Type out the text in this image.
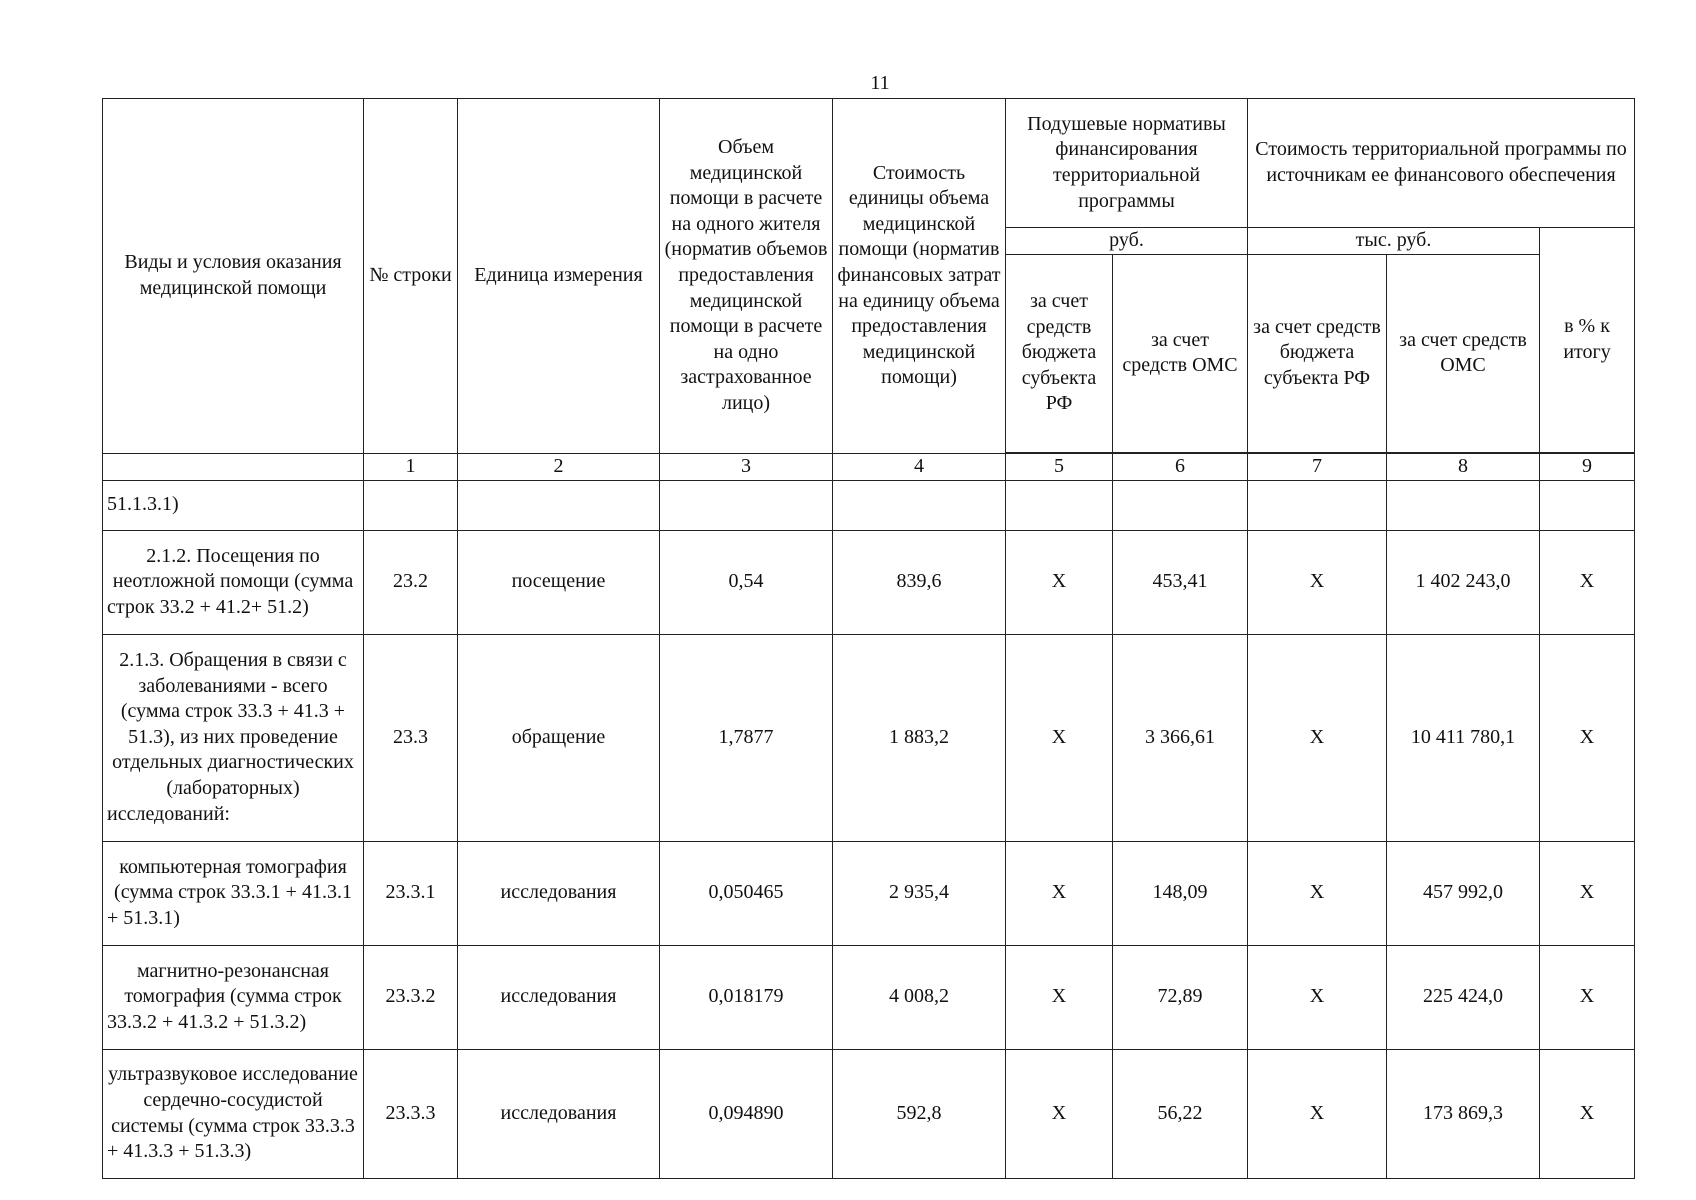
11
Виды и условия оказания медицинской помощи	№ строки	Единица измерения	Объем медицинской помощи в расчете на одного жителя (норматив объемов предоставления медицинской помощи в расчете на одно застрахованное лицо)	Стоимость единицы объема медицинской помощи (норматив финансовых затрат на единицу объема предоставления медицинской помощи)	Подушевые нормативы финансирования территориальной программы		Стоимость территориальной программы по источникам ее финансового обеспечения		
					руб.		тыс. руб.		в % к итогу
					за счет средств бюджета субъекта РФ	за счет средств ОМС	за счет средств бюджета субъекта РФ	за счет средств ОМС	

	1	2	3	4	5	6	7	8	9
51.1.3.1)									
2.1.2. Посещения по неотложной помощи (сумма строк 33.2 + 41.2+ 51.2)	23.2	посещение	0,54	839,6	X	453,41	X	1 402 243,0	X
2.1.3. Обращения в связи с заболеваниями - всего (сумма строк 33.3 + 41.3 + 51.3), из них проведение отдельных диагностических (лабораторных) исследований:	23.3	обращение	1,7877	1 883,2	X	3 366,61	X	10 411 780,1	X
компьютерная томография (сумма строк 33.3.1 + 41.3.1 + 51.3.1)	23.3.1	исследования	0,050465	2 935,4	X	148,09	X	457 992,0	X
магнитно-резонансная томография (сумма строк 33.3.2 + 41.3.2 + 51.3.2)	23.3.2	исследования	0,018179	4 008,2	X	72,89	X	225 424,0	X
ультразвуковое исследование сердечно-сосудистой системы (сумма строк 33.3.3 + 41.3.3 + 51.3.3)	23.3.3	исследования	0,094890	592,8	X	56,22	X	173 869,3	X
